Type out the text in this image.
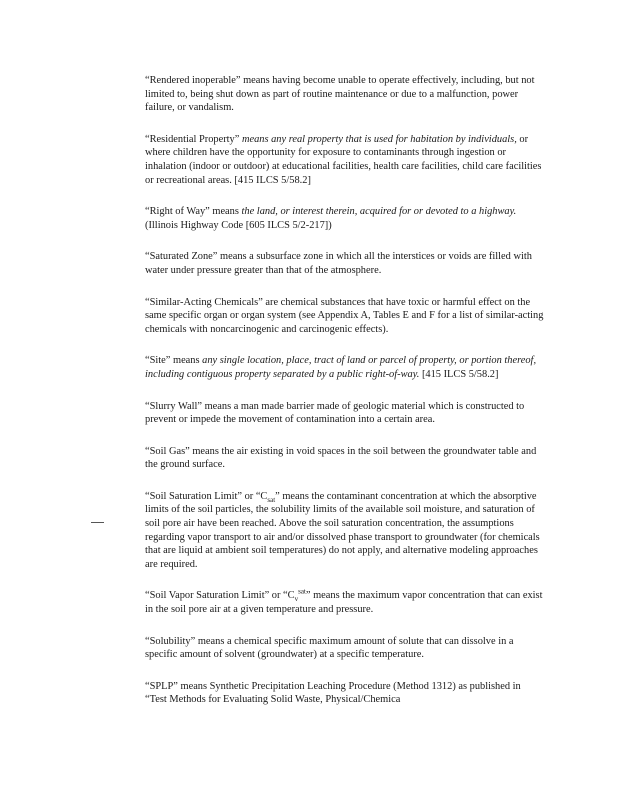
“Rendered inoperable” means having become unable to operate effectively, including, but not limited to, being shut down as part of routine maintenance or due to a malfunction, power failure, or vandalism.

“Residential Property” means any real property that is used for habitation by individuals, or where children have the opportunity for exposure to contaminants through ingestion or inhalation (indoor or outdoor) at educational facilities, health care facilities, child care facilities or recreational areas. [415 ILCS 5/58.2]

“Right of Way” means the land, or interest therein, acquired for or devoted to a highway. (Illinois Highway Code [605 ILCS 5/2-217])

“Saturated Zone” means a subsurface zone in which all the interstices or voids are filled with water under pressure greater than that of the atmosphere.

“Similar-Acting Chemicals” are chemical substances that have toxic or harmful effect on the same specific organ or organ system (see Appendix A, Tables E and F for a list of similar-acting chemicals with noncarcinogenic and carcinogenic effects).

“Site” means any single location, place, tract of land or parcel of property, or portion thereof, including contiguous property separated by a public right-of-way. [415 ILCS 5/58.2]

“Slurry Wall” means a man made barrier made of geologic material which is constructed to prevent or impede the movement of contamination into a certain area.

“Soil Gas” means the air existing in void spaces in the soil between the groundwater table and the ground surface.

“Soil Saturation Limit” or “$C_{sat}$” means the contaminant concentration at which the absorptive limits of the soil particles, the solubility limits of the available soil moisture, and saturation of soil pore air have been reached. Above the soil saturation concentration, the assumptions regarding vapor transport to air and/or dissolved phase transport to groundwater (for chemicals that are liquid at ambient soil temperatures) do not apply, and alternative modeling approaches are required.

“Soil Vapor Saturation Limit” or “$C_v^{sat}$” means the maximum vapor concentration that can exist in the soil pore air at a given temperature and pressure.

“Solubility” means a chemical specific maximum amount of solute that can dissolve in a specific amount of solvent (groundwater) at a specific temperature.

“SPLP” means Synthetic Precipitation Leaching Procedure (Method 1312) as published in “Test Methods for Evaluating Solid Waste, Physical/Chemica
